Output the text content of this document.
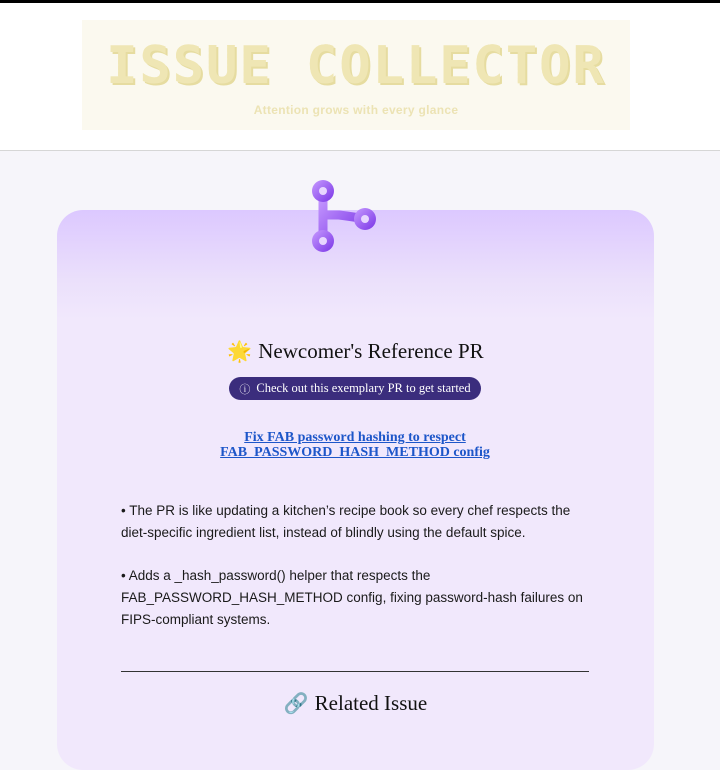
ISSUE COLLECTOR
Attention grows with every glance
🌟 Newcomer's Reference PR
ⓘ Check out this exemplary PR to get started
Fix FAB password hashing to respect FAB_PASSWORD_HASH_METHOD config
• The PR is like updating a kitchen’s recipe book so every chef respects the diet-specific ingredient list, instead of blindly using the default spice.
• Adds a _hash_password() helper that respects the FAB_PASSWORD_HASH_METHOD config, fixing password-hash failures on FIPS-compliant systems.
🔗 Related Issue
